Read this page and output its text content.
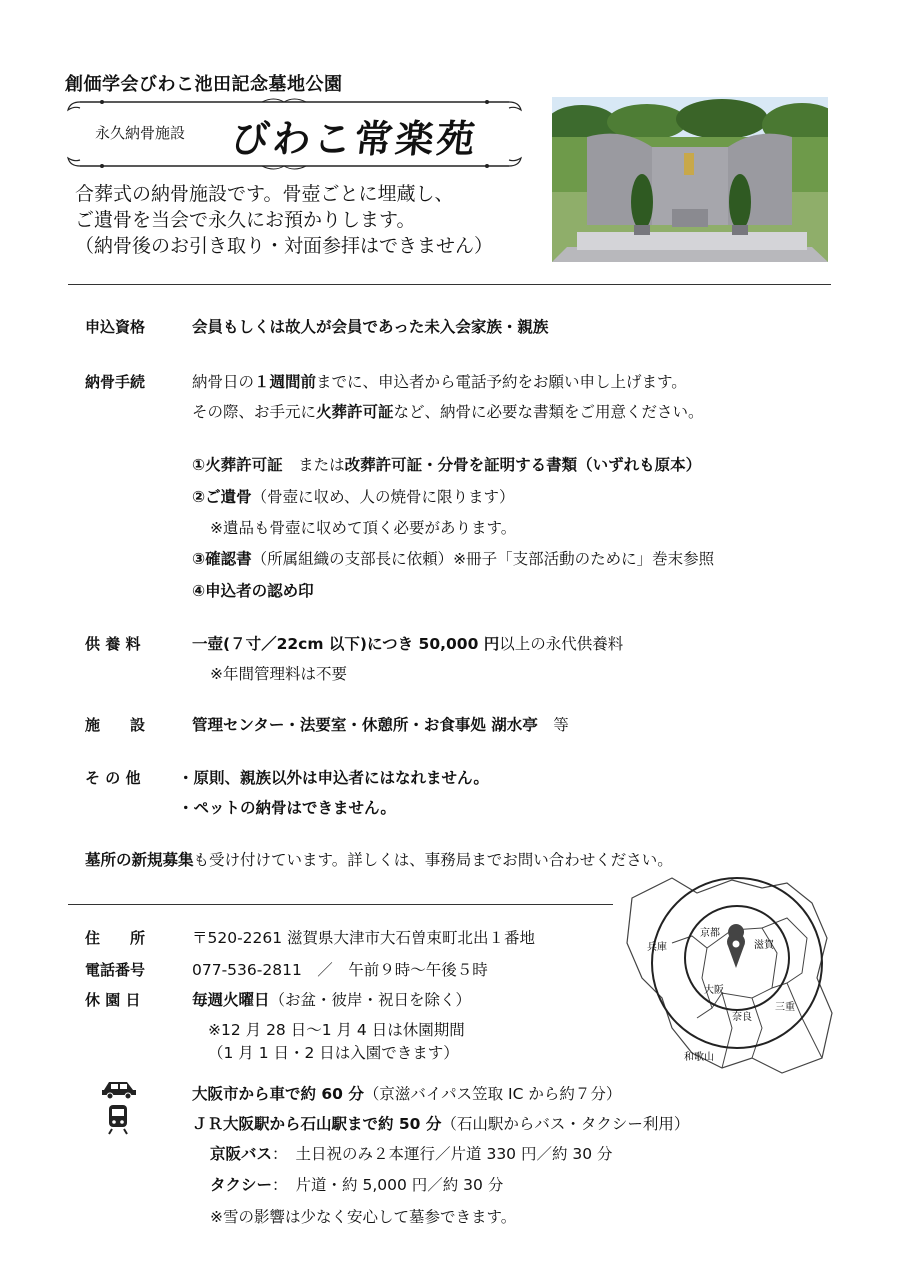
創価学会びわこ池田記念墓地公園
永久納骨施設 びわこ常楽苑
合葬式の納骨施設です。骨壺ごとに埋蔵し、
ご遺骨を当会で永久にお預かりします。
（納骨後のお引き取り・対面参拝はできません）
申込資格	会員もしくは故人が会員であった未入会家族・親族
納骨手続	納骨日の１週間前までに、申込者から電話予約をお願い申し上げます。
その際、お手元に火葬許可証など、納骨に必要な書類をご用意ください。
①火葬許可証　または改葬許可証・分骨を証明する書類（いずれも原本）
②ご遺骨（骨壺に収め、人の焼骨に限ります）
※遺品も骨壺に収めて頂く必要があります。
③確認書（所属組織の支部長に依頼）※冊子「支部活動のために」巻末参照
④申込者の認め印
供 養 料	一壺(７寸／22cm 以下)につき 50,000 円以上の永代供養料
※年間管理料は不要
施　　設	管理センター・法要室・休憩所・お食事処 湖水亭　等
そ の 他 ・原則、親族以外は申込者にはなれません。
・ペットの納骨はできません。
墓所の新規募集も受け付けています。詳しくは、事務局までお問い合わせください。
住　　所	〒520-2261 滋賀県大津市大石曽束町北出１番地
電話番号	077-536-2811　／　午前９時～午後５時
休 園 日	毎週火曜日（お盆・彼岸・祝日を除く）
※12 月 28 日～1 月 4 日は休園期間
（1 月 1 日・2 日は入園できます）
兵庫
京都
滋賀
大阪
奈良
三重
和歌山
大阪市から車で約 60 分（京滋バイパス笠取 IC から約７分）
ＪＲ大阪駅から石山駅まで約 50 分（石山駅からバス・タクシー利用）
京阪バス： 土日祝のみ２本運行／片道 330 円／約 30 分
タクシー： 片道・約 5,000 円／約 30 分
※雪の影響は少なく安心して墓参できます。
